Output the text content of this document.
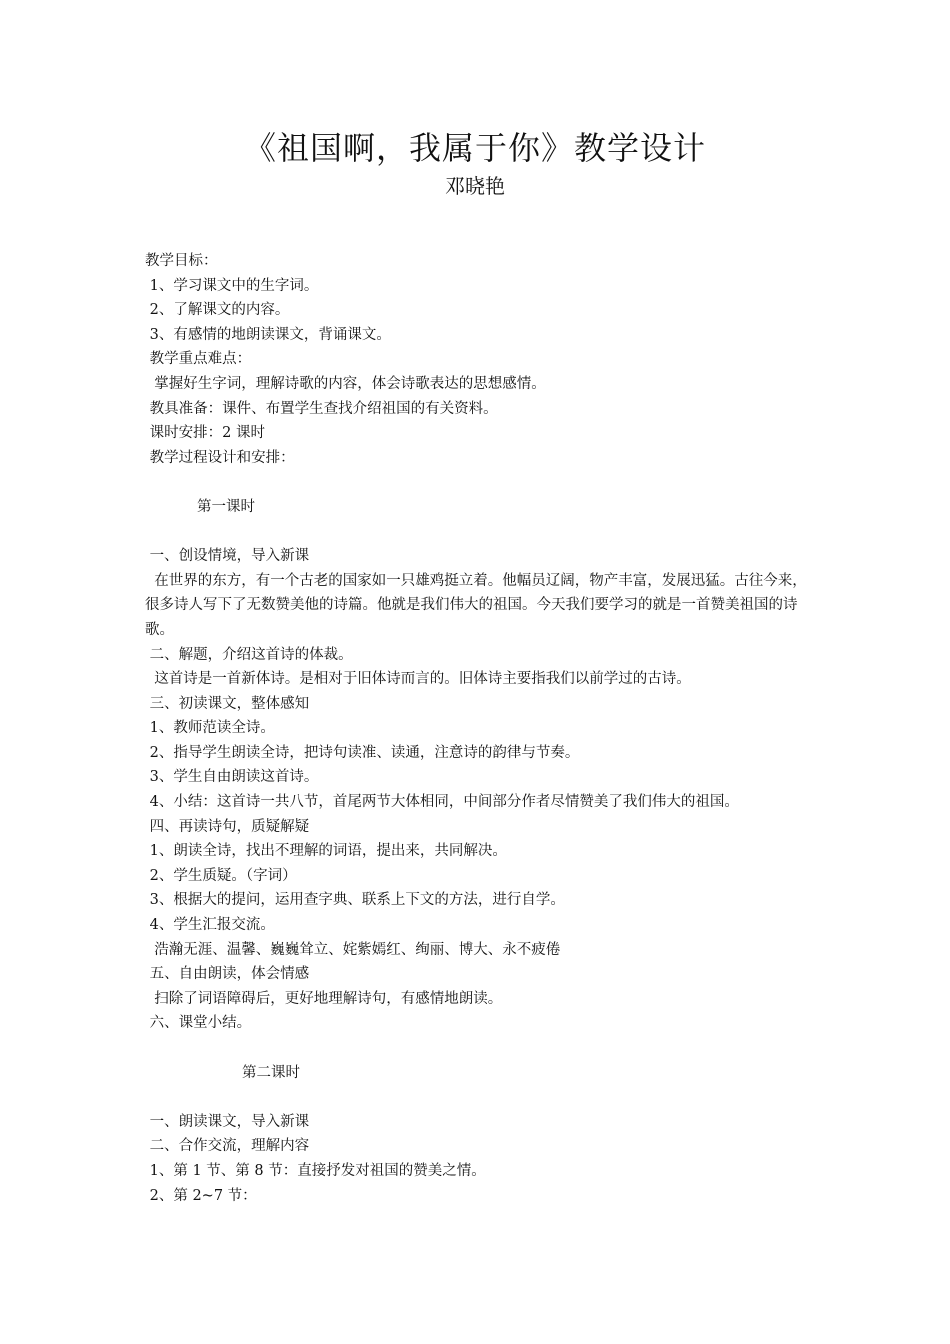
《祖国啊，我属于你》教学设计
邓晓艳
教学目标：
1、学习课文中的生字词。
2、了解课文的内容。
3、有感情的地朗读课文，背诵课文。
教学重点难点：
掌握好生字词，理解诗歌的内容，体会诗歌表达的思想感情。
教具准备：课件、布置学生查找介绍祖国的有关资料。
课时安排：2 课时
教学过程设计和安排：
第一课时
一、创设情境，导入新课
在世界的东方，有一个古老的国家如一只雄鸡挺立着。他幅员辽阔，物产丰富，发展迅猛。古往今来，很多诗人写下了无数赞美他的诗篇。他就是我们伟大的祖国。今天我们要学习的就是一首赞美祖国的诗歌。
二、解题，介绍这首诗的体裁。
这首诗是一首新体诗。是相对于旧体诗而言的。旧体诗主要指我们以前学过的古诗。
三、初读课文，整体感知
1、教师范读全诗。
2、指导学生朗读全诗，把诗句读准、读通，注意诗的韵律与节奏。
3、学生自由朗读这首诗。
4、小结：这首诗一共八节，首尾两节大体相同，中间部分作者尽情赞美了我们伟大的祖国。
四、再读诗句，质疑解疑
1、朗读全诗，找出不理解的词语，提出来，共同解决。
2、学生质疑。（字词）
3、根据大的提问，运用查字典、联系上下文的方法，进行自学。
4、学生汇报交流。
浩瀚无涯、温馨、巍巍耸立、姹紫嫣红、绚丽、博大、永不疲倦
五、自由朗读，体会情感
扫除了词语障碍后，更好地理解诗句，有感情地朗读。
六、课堂小结。
第二课时
一、朗读课文，导入新课
二、合作交流，理解内容
1、第 1 节、第 8 节：直接抒发对祖国的赞美之情。
2、第 2~7 节：
